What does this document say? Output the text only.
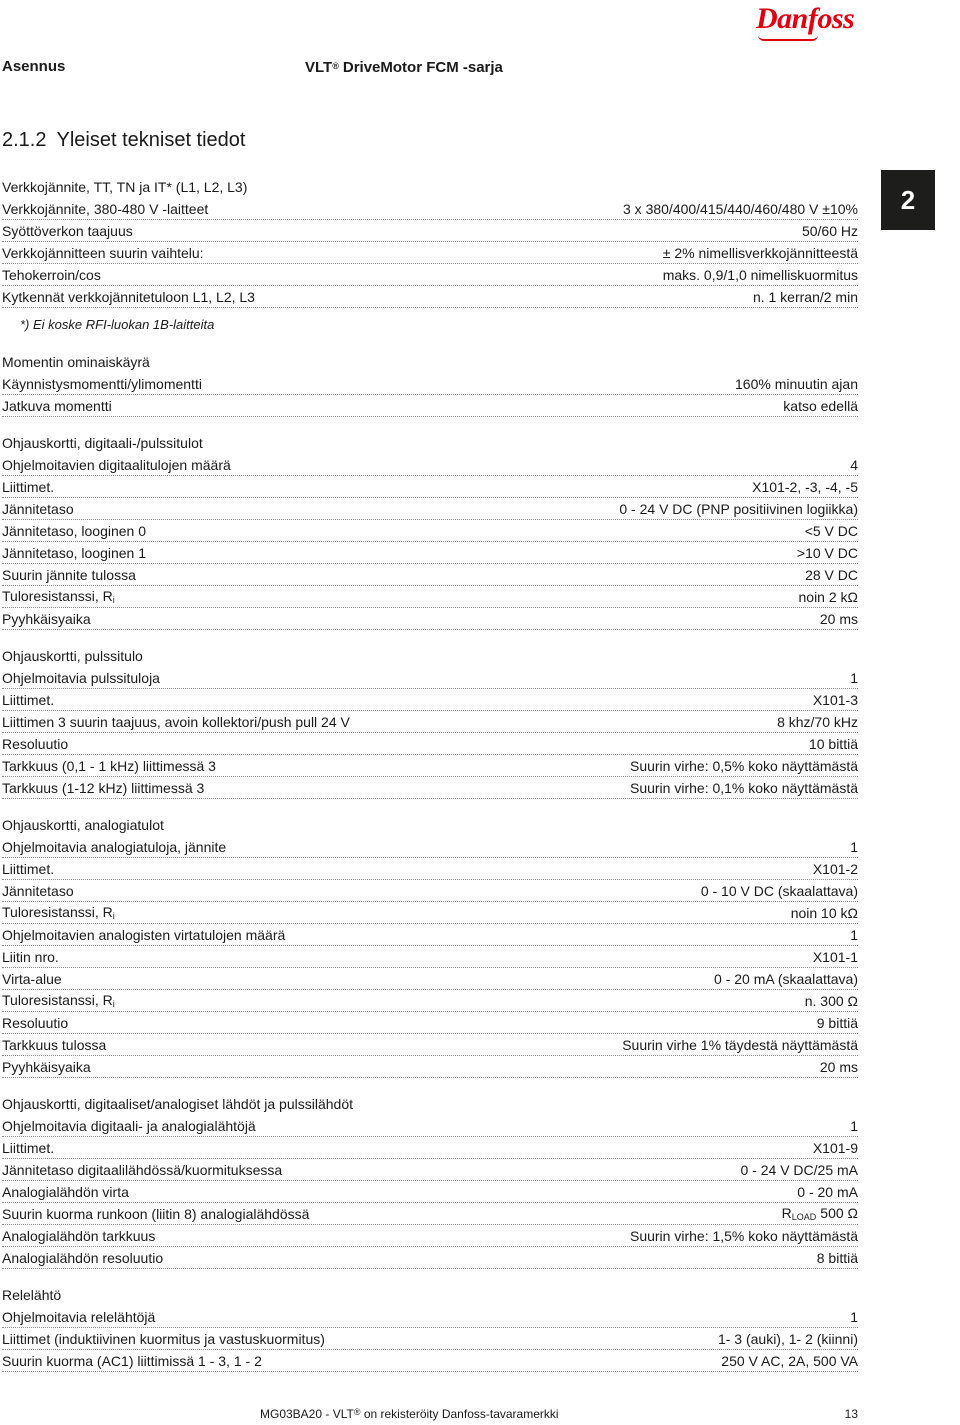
Asennus	VLT® DriveMotor FCM -sarja
Danfoss
2.1.2 Yleiset tekniset tiedot
2
Verkkojännite, TT, TN ja IT* (L1, L2, L3)
Verkkojännite, 380-480 V -laitteet	3 x 380/400/415/440/460/480 V ±10%
Syöttöverkon taajuus	50/60 Hz
Verkkojännitteen suurin vaihtelu:	± 2% nimellisverkkojännitteestä
Tehokerroin/cos	maks. 0,9/1,0 nimelliskuormitus
Kytkennät verkkojännitetuloon L1, L2, L3	n. 1 kerran/2 min
*) Ei koske RFI-luokan 1B-laitteita
Momentin ominaiskäyrä
Käynnistysmomentti/ylimomentti	160% minuutin ajan
Jatkuva momentti	katso edellä
Ohjauskortti, digitaali-/pulssitulot
Ohjelmoitavien digitaalitulojen määrä	4
Liittimet.	X101-2, -3, -4, -5
Jännitetaso	0 - 24 V DC (PNP positiivinen logiikka)
Jännitetaso, looginen 0	<5 V DC
Jännitetaso, looginen 1	>10 V DC
Suurin jännite tulossa	28 V DC
Tuloresistanssi, Ri	noin 2 kΩ
Pyyhkäisyaika	20 ms
Ohjauskortti, pulssitulo
Ohjelmoitavia pulssituloja	1
Liittimet.	X101-3
Liittimen 3 suurin taajuus, avoin kollektori/push pull 24 V	8 khz/70 kHz
Resoluutio	10 bittiä
Tarkkuus (0,1 - 1 kHz) liittimessä 3	Suurin virhe: 0,5% koko näyttämästä
Tarkkuus (1-12 kHz) liittimessä 3	Suurin virhe: 0,1% koko näyttämästä
Ohjauskortti, analogiatulot
Ohjelmoitavia analogiatuloja, jännite	1
Liittimet.	X101-2
Jännitetaso	0 - 10 V DC (skaalattava)
Tuloresistanssi, Ri	noin 10 kΩ
Ohjelmoitavien analogisten virtatulojen määrä	1
Liitin nro.	X101-1
Virta-alue	0 - 20 mA (skaalattava)
Tuloresistanssi, Ri	n. 300 Ω
Resoluutio	9 bittiä
Tarkkuus tulossa	Suurin virhe 1% täydestä näyttämästä
Pyyhkäisyaika	20 ms
Ohjauskortti, digitaaliset/analogiset lähdöt ja pulssilähdöt
Ohjelmoitavia digitaali- ja analogialähtöjä	1
Liittimet.	X101-9
Jännitetaso digitaalilähdössä/kuormituksessa	0 - 24 V DC/25 mA
Analogialähdön virta	0 - 20 mA
Suurin kuorma runkoon (liitin 8) analogialähdössä	RLOAD 500 Ω
Analogialähdön tarkkuus	Suurin virhe: 1,5% koko näyttämästä
Analogialähdön resoluutio	8 bittiä
Relelähtö
Ohjelmoitavia relelähtöjä	1
Liittimet (induktiivinen kuormitus ja vastuskuormitus)	1- 3 (auki), 1- 2 (kiinni)
Suurin kuorma (AC1) liittimissä 1 - 3, 1 - 2	250 V AC, 2A, 500 VA
MG03BA20 - VLT® on rekisteröity Danfoss-tavaramerkki	13
